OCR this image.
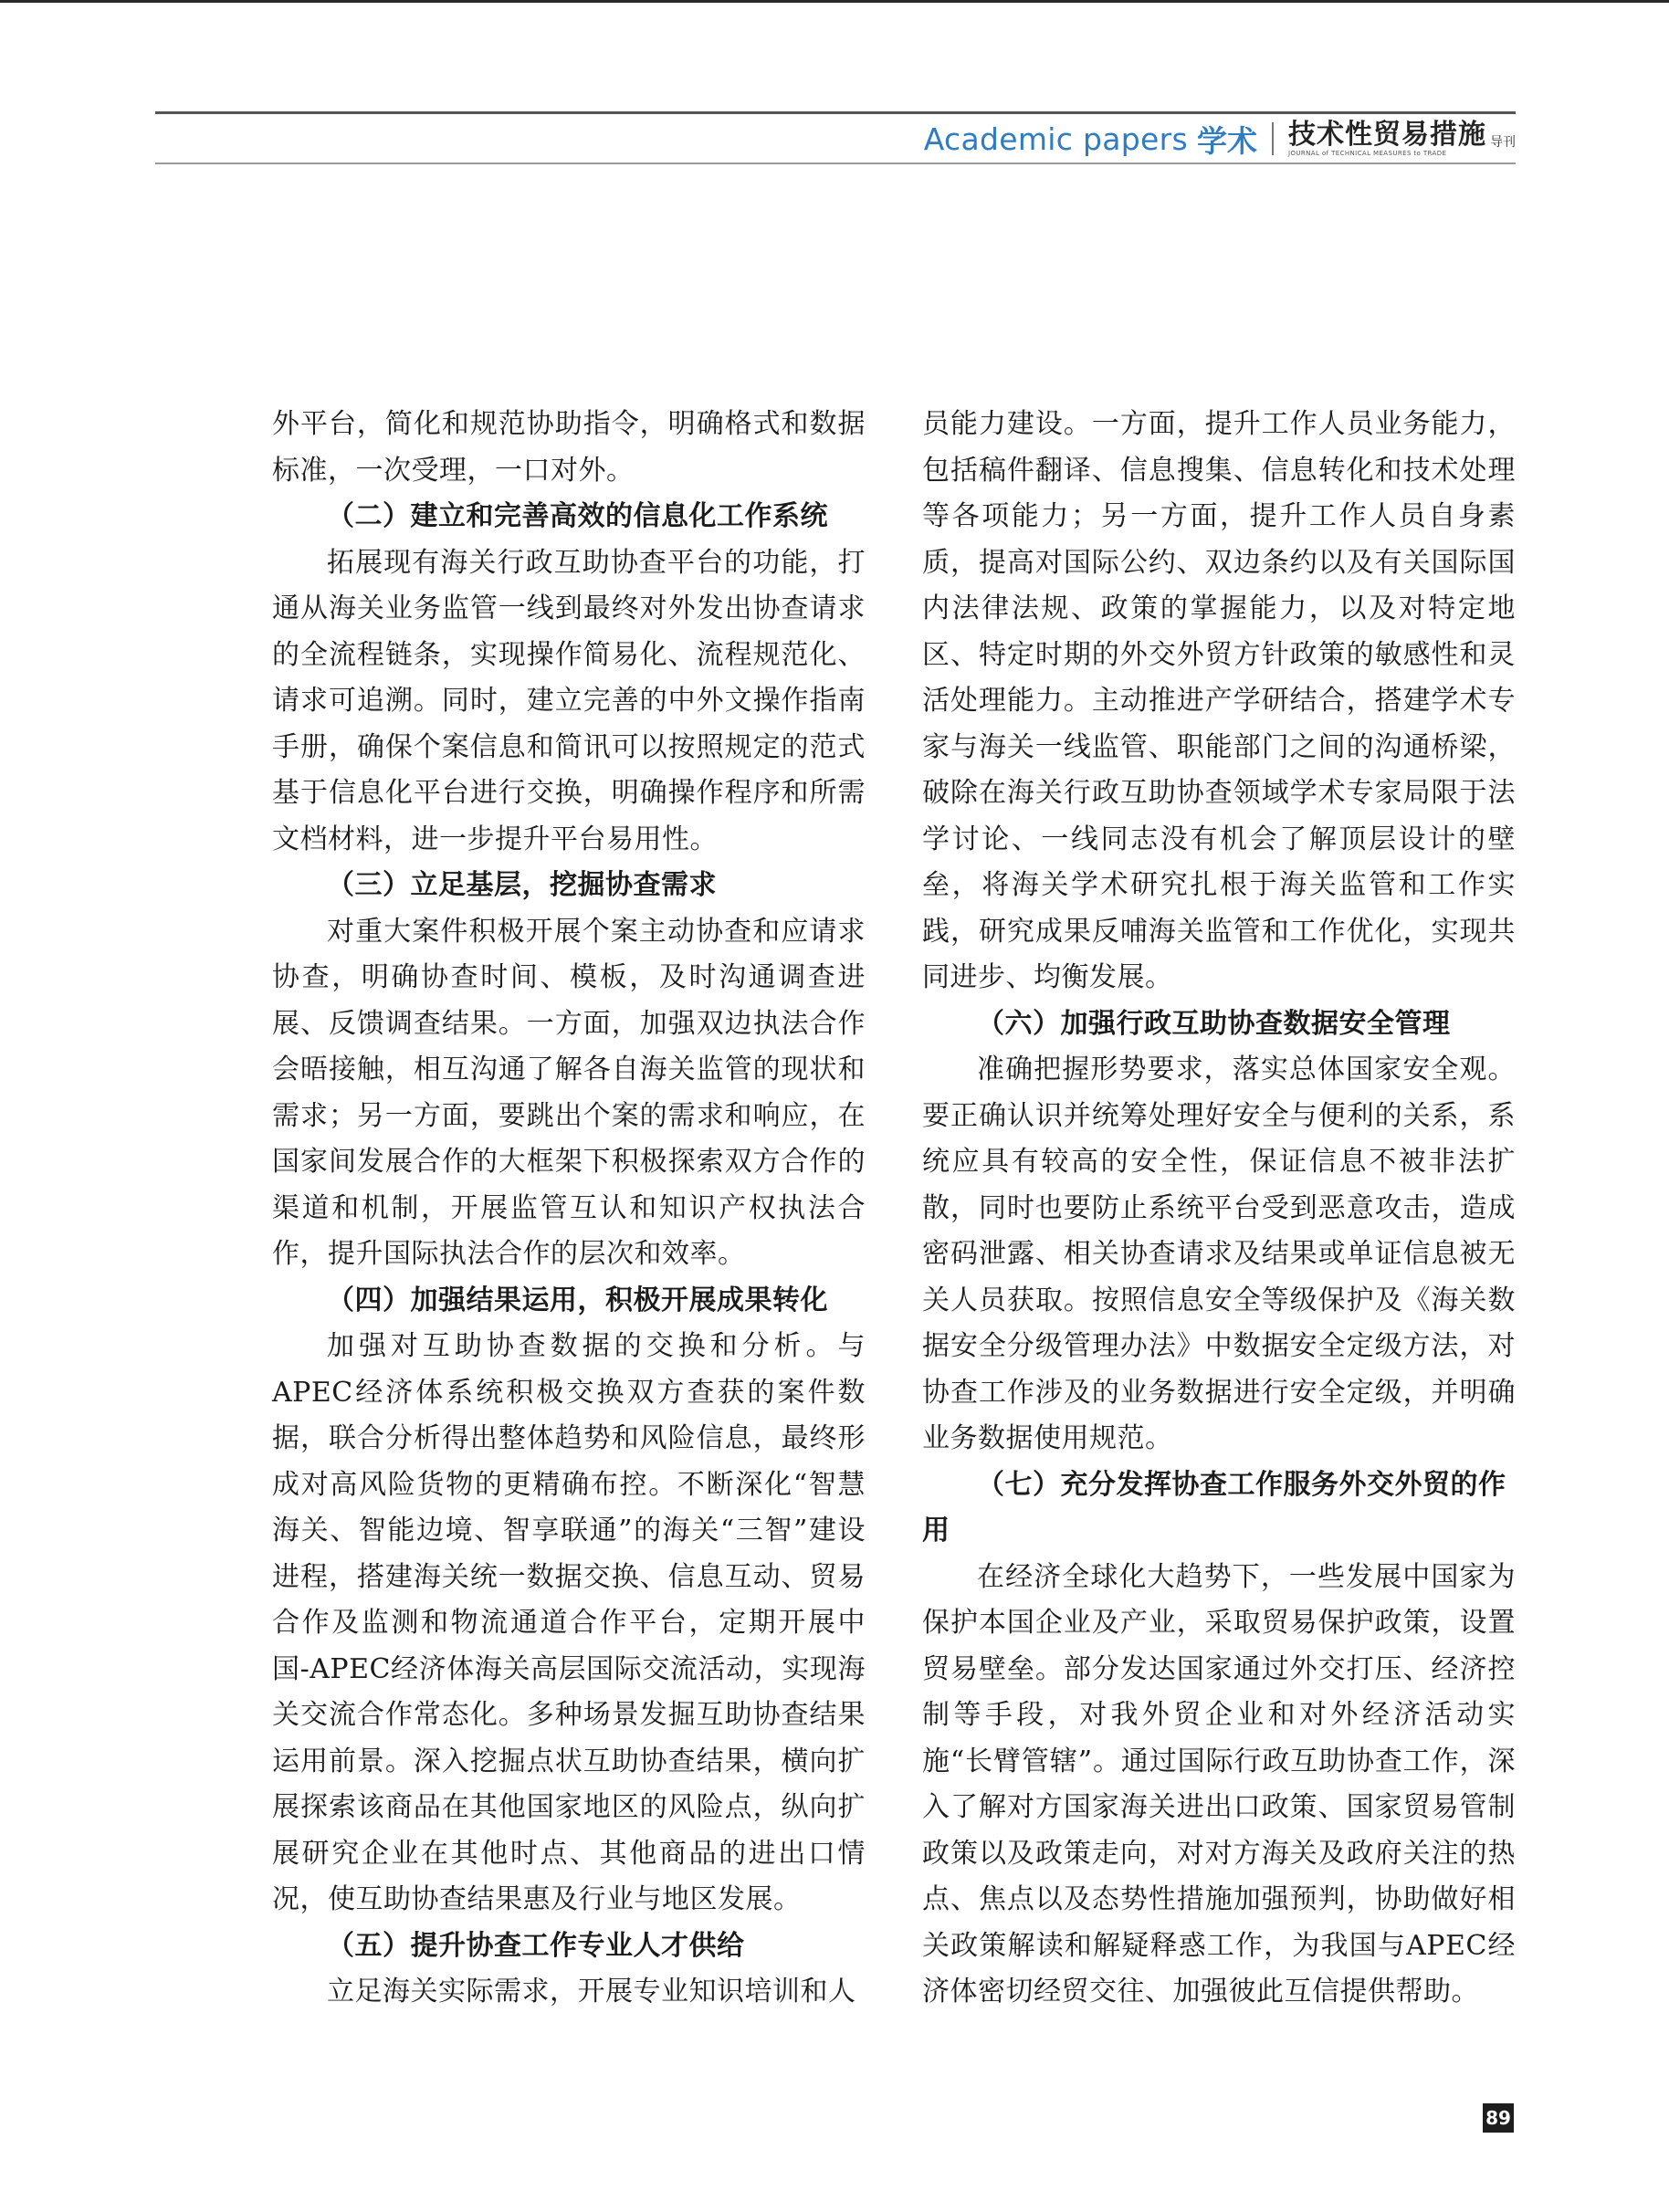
Academic papers 学术 技术性贸易措施 导刊
JOURNAL of TECHNICAL MEASURES to TRADE

外平台，简化和规范协助指令，明确格式和数据标准，一次受理，一口对外。

（二）建立和完善高效的信息化工作系统

拓展现有海关行政互助协查平台的功能，打通从海关业务监管一线到最终对外发出协查请求的全流程链条，实现操作简易化、流程规范化、请求可追溯。同时，建立完善的中外文操作指南手册，确保个案信息和简讯可以按照规定的范式基于信息化平台进行交换，明确操作程序和所需文档材料，进一步提升平台易用性。

（三）立足基层，挖掘协查需求

对重大案件积极开展个案主动协查和应请求协查，明确协查时间、模板，及时沟通调查进展、反馈调查结果。一方面，加强双边执法合作会晤接触，相互沟通了解各自海关监管的现状和需求；另一方面，要跳出个案的需求和响应，在国家间发展合作的大框架下积极探索双方合作的渠道和机制，开展监管互认和知识产权执法合作，提升国际执法合作的层次和效率。

（四）加强结果运用，积极开展成果转化

加强对互助协查数据的交换和分析。与APEC经济体系统积极交换双方查获的案件数据，联合分析得出整体趋势和风险信息，最终形成对高风险货物的更精确布控。不断深化“智慧海关、智能边境、智享联通”的海关“三智”建设进程，搭建海关统一数据交换、信息互动、贸易合作及监测和物流通道合作平台，定期开展中国-APEC经济体海关高层国际交流活动，实现海关交流合作常态化。多种场景发掘互助协查结果运用前景。深入挖掘点状互助协查结果，横向扩展探索该商品在其他国家地区的风险点，纵向扩展研究企业在其他时点、其他商品的进出口情况，使互助协查结果惠及行业与地区发展。

（五）提升协查工作专业人才供给

立足海关实际需求，开展专业知识培训和人

员能力建设。一方面，提升工作人员业务能力，包括稿件翻译、信息搜集、信息转化和技术处理等各项能力；另一方面，提升工作人员自身素质，提高对国际公约、双边条约以及有关国际国内法律法规、政策的掌握能力，以及对特定地区、特定时期的外交外贸方针政策的敏感性和灵活处理能力。主动推进产学研结合，搭建学术专家与海关一线监管、职能部门之间的沟通桥梁，破除在海关行政互助协查领域学术专家局限于法学讨论、一线同志没有机会了解顶层设计的壁垒，将海关学术研究扎根于海关监管和工作实践，研究成果反哺海关监管和工作优化，实现共同进步、均衡发展。

（六）加强行政互助协查数据安全管理

准确把握形势要求，落实总体国家安全观。要正确认识并统筹处理好安全与便利的关系，系统应具有较高的安全性，保证信息不被非法扩散，同时也要防止系统平台受到恶意攻击，造成密码泄露、相关协查请求及结果或单证信息被无关人员获取。按照信息安全等级保护及《海关数据安全分级管理办法》中数据安全定级方法，对协查工作涉及的业务数据进行安全定级，并明确业务数据使用规范。

（七）充分发挥协查工作服务外交外贸的作用

在经济全球化大趋势下，一些发展中国家为保护本国企业及产业，采取贸易保护政策，设置贸易壁垒。部分发达国家通过外交打压、经济控制等手段，对我外贸企业和对外经济活动实施“长臂管辖”。通过国际行政互助协查工作，深入了解对方国家海关进出口政策、国家贸易管制政策以及政策走向，对对方海关及政府关注的热点、焦点以及态势性措施加强预判，协助做好相关政策解读和解疑释惑工作，为我国与APEC经济体密切经贸交往、加强彼此互信提供帮助。

89
